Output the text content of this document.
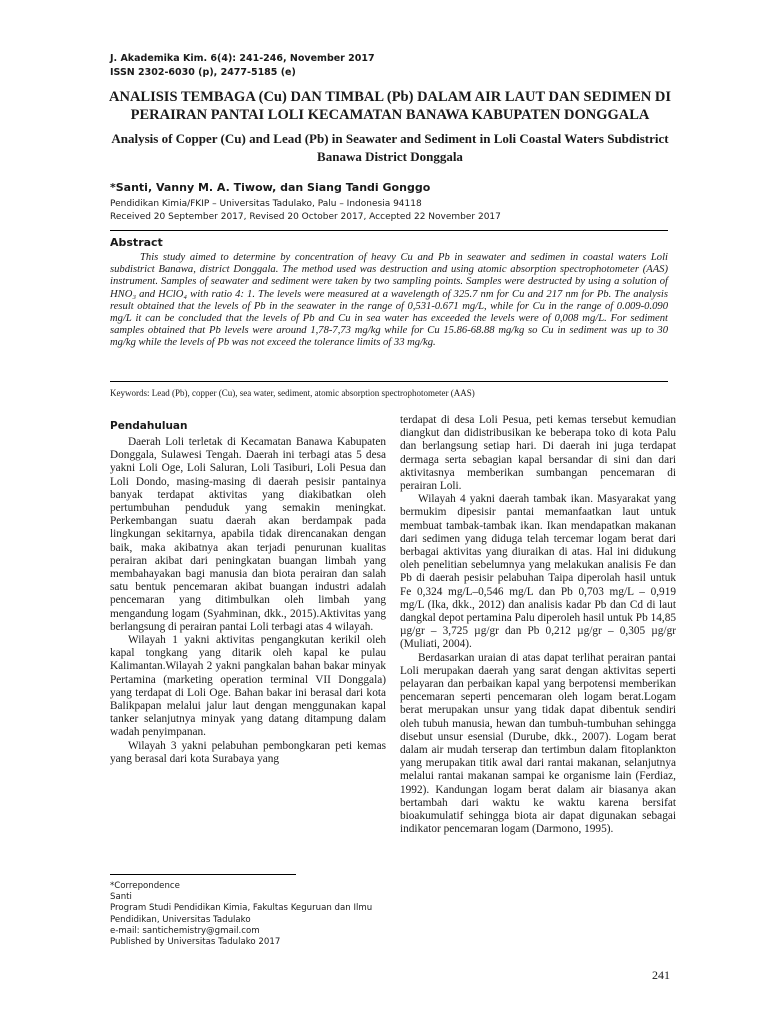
J. Akademika Kim. 6(4): 241-246, November 2017
ISSN 2302-6030 (p), 2477-5185 (e)
ANALISIS TEMBAGA (Cu) DAN TIMBAL (Pb) DALAM AIR LAUT DAN SEDIMEN DI PERAIRAN PANTAI LOLI KECAMATAN BANAWA KABUPATEN DONGGALA
Analysis of Copper (Cu) and Lead (Pb) in Seawater and Sediment in Loli Coastal Waters Subdistrict Banawa District Donggala
*Santi, Vanny M. A. Tiwow, dan Siang Tandi Gonggo
Pendidikan Kimia/FKIP – Universitas Tadulako, Palu – Indonesia 94118
Received 20 September 2017, Revised 20 October 2017, Accepted 22 November 2017
Abstract
This study aimed to determine by concentration of heavy Cu and Pb in seawater and sedimen in coastal waters Loli subdistrict Banawa, district Donggala. The method used was destruction and using atomic absorption spectrophotometer (AAS) instrument. Samples of seawater and sediment were taken by two sampling points. Samples were destructed by using a solution of HNO₃ and HClO₄ with ratio 4: 1. The levels were measured at a wavelength of 325.7 nm for Cu and 217 nm for Pb. The analysis result obtained that the levels of Pb in the seawater in the range of 0,531-0.671 mg/L, while for Cu in the range of 0.009-0.090 mg/L it can be concluded that the levels of Pb and Cu in sea water has exceeded the levels were of 0,008 mg/L. For sediment samples obtained that Pb levels were around 1,78-7,73 mg/kg while for Cu 15.86-68.88 mg/kg so Cu in sediment was up to 30 mg/kg while the levels of Pb was not exceed the tolerance limits of 33 mg/kg.
Keywords: Lead (Pb), copper (Cu), sea water, sediment, atomic absorption spectrophotometer (AAS)
Pendahuluan

Daerah Loli terletak di Kecamatan Banawa Kabupaten Donggala, Sulawesi Tengah. Daerah ini terbagi atas 5 desa yakni Loli Oge, Loli Saluran, Loli Tasiburi, Loli Pesua dan Loli Dondo, masing-masing di daerah pesisir pantainya banyak terdapat aktivitas yang diakibatkan oleh pertumbuhan penduduk yang semakin meningkat. Perkembangan suatu daerah akan berdampak pada lingkungan sekitarnya, apabila tidak direncanakan dengan baik, maka akibatnya akan terjadi penurunan kualitas perairan akibat dari peningkatan buangan limbah yang membahayakan bagi manusia dan biota perairan dan salah satu bentuk pencemaran akibat buangan industri adalah pencemaran yang ditimbulkan oleh limbah yang mengandung logam (Syahminan, dkk., 2015).Aktivitas yang berlangsung di perairan pantai Loli terbagi atas 4 wilayah.

Wilayah 1 yakni aktivitas pengangkutan kerikil oleh kapal tongkang yang ditarik oleh kapal ke pulau Kalimantan.Wilayah 2 yakni pangkalan bahan bakar minyak Pertamina (marketing operation terminal VII Donggala) yang terdapat di Loli Oge. Bahan bakar ini berasal dari kota Balikpapan melalui jalur laut dengan menggunakan kapal tanker selanjutnya minyak yang datang ditampung dalam wadah penyimpanan.

Wilayah 3 yakni pelabuhan pembongkaran peti kemas yang berasal dari kota Surabaya yang

terdapat di desa Loli Pesua, peti kemas tersebut kemudian diangkut dan didistribusikan ke beberapa toko di kota Palu dan berlangsung setiap hari. Di daerah ini juga terdapat dermaga serta sebagian kapal bersandar di sini dan dari aktivitasnya memberikan sumbangan pencemaran di perairan Loli.

Wilayah 4 yakni daerah tambak ikan. Masyarakat yang bermukim dipesisir pantai memanfaatkan laut untuk membuat tambak-tambak ikan. Ikan mendapatkan makanan dari sedimen yang diduga telah tercemar logam berat dari berbagai aktivitas yang diuraikan di atas. Hal ini didukung oleh penelitian sebelumnya yang melakukan analisis Fe dan Pb di daerah pesisir pelabuhan Taipa diperolah hasil untuk Fe 0,324 mg/L–0,546 mg/L dan Pb 0,703 mg/L – 0,919 mg/L (Ika, dkk., 2012) dan analisis kadar Pb dan Cd di laut dangkal depot pertamina Palu diperoleh hasil untuk Pb 14,85 µg/gr – 3,725 µg/gr dan Pb 0,212 µg/gr – 0,305 µg/gr (Muliati, 2004).

Berdasarkan uraian di atas dapat terlihat perairan pantai Loli merupakan daerah yang sarat dengan aktivitas seperti pelayaran dan perbaikan kapal yang berpotensi memberikan pencemaran seperti pencemaran oleh logam berat.Logam berat merupakan unsur yang tidak dapat dibentuk sendiri oleh tubuh manusia, hewan dan tumbuh-tumbuhan sehingga disebut unsur esensial (Durube, dkk., 2007). Logam berat dalam air mudah terserap dan tertimbun dalam fitoplankton yang merupakan titik awal dari rantai makanan, selanjutnya melalui rantai makanan sampai ke organisme lain (Ferdiaz, 1992). Kandungan logam berat dalam air biasanya akan bertambah dari waktu ke waktu karena bersifat bioakumulatif sehingga biota air dapat digunakan sebagai indikator pencemaran logam (Darmono, 1995).

*Correpondence
Santi
Program Studi Pendidikan Kimia, Fakultas Keguruan dan Ilmu
Pendidikan, Universitas Tadulako
e-mail: santichemistry@gmail.com
Published by Universitas Tadulako 2017
241
